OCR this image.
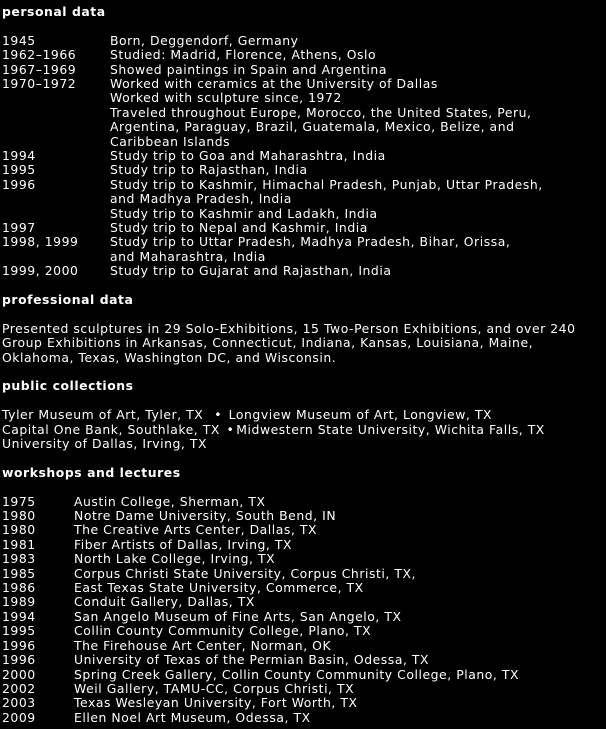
personal data
1945	Born, Deggendorf, Germany
1962–1966	Studied: Madrid, Florence, Athens, Oslo
1967–1969	Showed paintings in Spain and Argentina
1970–1972	Worked with ceramics at the University of Dallas
Worked with sculpture since, 1972
Traveled throughout Europe, Morocco, the United States, Peru,
Argentina, Paraguay, Brazil, Guatemala, Mexico, Belize, and
Caribbean Islands
1994	Study trip to Goa and Maharashtra, India
1995	Study trip to Rajasthan, India
1996	Study trip to Kashmir, Himachal Pradesh, Punjab, Uttar Pradesh,
and Madhya Pradesh, India
Study trip to Kashmir and Ladakh, India
1997	Study trip to Nepal and Kashmir, India
1998, 1999	Study trip to Uttar Pradesh, Madhya Pradesh, Bihar, Orissa,
and Maharashtra, India
1999, 2000	Study trip to Gujarat and Rajasthan, India
professional data
Presented sculptures in 29 Solo-Exhibitions, 15 Two-Person Exhibitions, and over 240
Group Exhibitions in Arkansas, Connecticut, Indiana, Kansas, Louisiana, Maine,
Oklahoma, Texas, Washington DC, and Wisconsin.
public collections
Tyler Museum of Art, Tyler, TX • Longview Museum of Art, Longview, TX
Capital One Bank, Southlake, TX • Midwestern State University, Wichita Falls, TX
University of Dallas, Irving, TX
workshops and lectures
1975	Austin College, Sherman, TX
1980	Notre Dame University, South Bend, IN
1980	The Creative Arts Center, Dallas, TX
1981	Fiber Artists of Dallas, Irving, TX
1983	North Lake College, Irving, TX
1985	Corpus Christi State University, Corpus Christi, TX,
1986	East Texas State University, Commerce, TX
1989	Conduit Gallery, Dallas, TX
1994	San Angelo Museum of Fine Arts, San Angelo, TX
1995	Collin County Community College, Plano, TX
1996	The Firehouse Art Center, Norman, OK
1996	University of Texas of the Permian Basin, Odessa, TX
2000	Spring Creek Gallery, Collin County Community College, Plano, TX
2002	Weil Gallery, TAMU-CC, Corpus Christi, TX
2003	Texas Wesleyan University, Fort Worth, TX
2009	Ellen Noel Art Museum, Odessa, TX
